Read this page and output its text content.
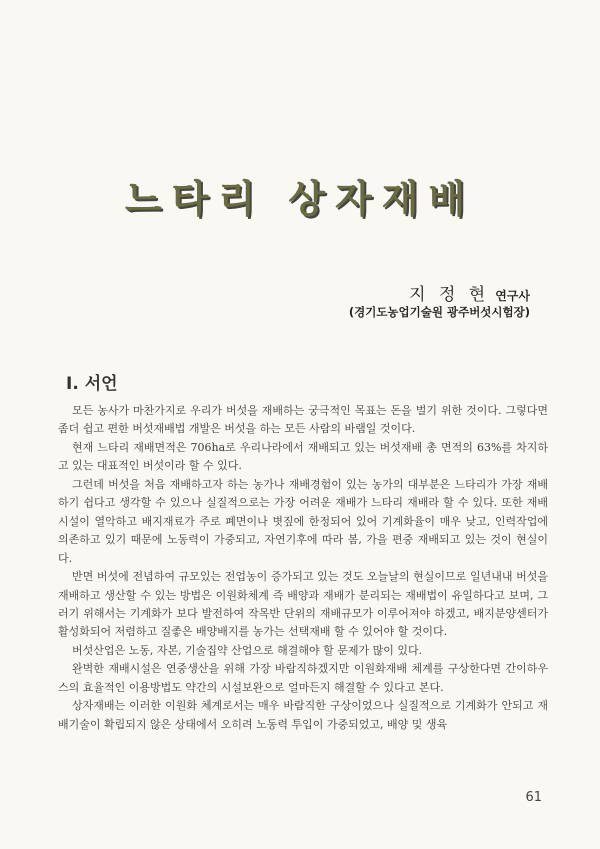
느타리 상자재배
지 정 현 연구사
(경기도농업기술원 광주버섯시험장)
Ⅰ. 서언

모든 농사가 마찬가지로 우리가 버섯을 재배하는 궁극적인 목표는 돈을 벌기 위한 것이다. 그렇다면 좀더 쉽고 편한 버섯재배법 개발은 버섯을 하는 모든 사람의 바램일 것이다.

현재 느타리 재배면적은 706ha로 우리나라에서 재배되고 있는 버섯재배 총 면적의 63%를 차지하고 있는 대표적인 버섯이라 할 수 있다.

그런데 버섯을 처음 재배하고자 하는 농가나 재배경험이 있는 농가의 대부분은 느타리가 가장 재배하기 쉽다고 생각할 수 있으나 실질적으로는 가장 어려운 재배가 느타리 재배라 할 수 있다. 또한 재배시설이 열악하고 배지재료가 주로 폐면이나 볏짚에 한정되어 있어 기계화율이 매우 낮고, 인력작업에 의존하고 있기 때문에 노동력이 가중되고, 자연기후에 따라 봄, 가을 편중 재배되고 있는 것이 현실이다.

반면 버섯에 전념하여 규모있는 전업농이 증가되고 있는 것도 오늘날의 현실이므로 일년내내 버섯을 재배하고 생산할 수 있는 방법은 이원화체계 즉 배양과 재배가 분리되는 재배법이 유일하다고 보며, 그러기 위해서는 기계화가 보다 발전하여 작목반 단위의 재배규모가 이루어져야 하겠고, 배지분양센터가 활성화되어 저렴하고 질좋은 배양배지를 농가는 선택재배 할 수 있어야 할 것이다.

버섯산업은 노동, 자본, 기술집약 산업으로 해결해야 할 문제가 많이 있다.

완벽한 재배시설은 연중생산을 위해 가장 바람직하겠지만 이원화재배 체계를 구상한다면 간이하우스의 효율적인 이용방법도 약간의 시설보완으로 얼마든지 해결할 수 있다고 본다.

상자재배는 이러한 이원화 체계로서는 매우 바람직한 구상이었으나 실질적으로 기계화가 안되고 재배기술이 확립되지 않은 상태에서 오히려 노동력 투입이 가중되었고, 배양 및 생육

61
